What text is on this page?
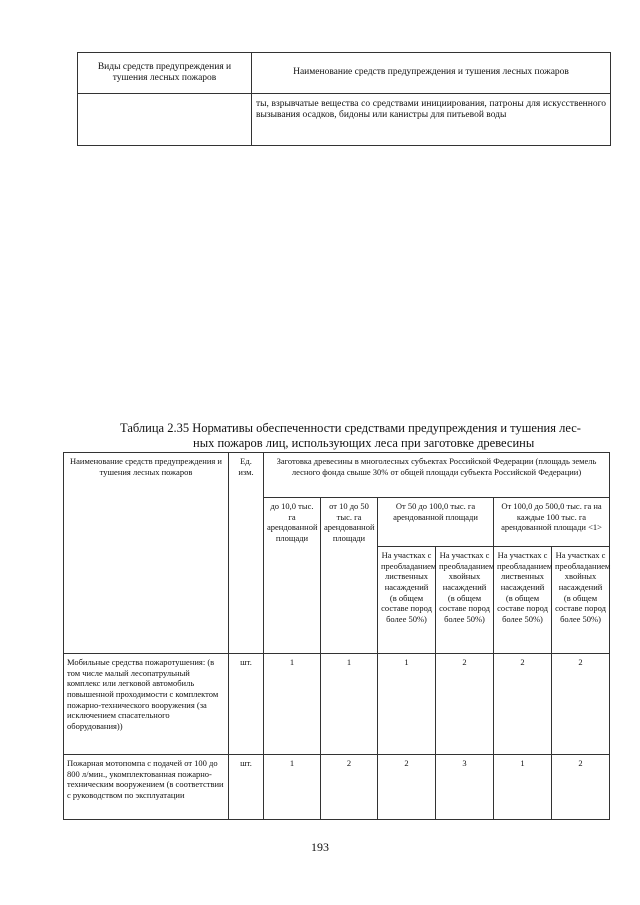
Виды средств предупреждения и тушения лесных пожаров	Наименование средств предупреждения и тушения лесных пожаров
	ты, взрывчатые вещества со средствами инициирования, патроны для искусственного вызывания осадков, бидоны или канистры для питьевой воды
Таблица 2.35 Нормативы обеспеченности средствами предупреждения и тушения лес-
ных пожаров лиц, использующих леса при заготовке древесины
Наименование средств предупреждения и тушения лесных пожаров	Ед. изм.	Заготовка древесины в многолесных субъектах Российской Федерации (площадь земель лесного фонда свыше 30% от общей площади субъекта Российской Федерации)					
		до 10,0 тыс. га арендованной площади	от 10 до 50 тыс. га арендованной площади	От 50 до 100,0 тыс. га арендованной площади		От 100,0 до 500,0 тыс. га на каждые 100 тыс. га арендованной площади <1>	
				На участках с преобладанием лиственных насаждений (в общем составе пород более 50%)	На участках с преобладанием хвойных насаждений (в общем составе пород более 50%)	На участках с преобладанием лиственных насаждений (в общем составе пород более 50%)	На участках с преобладанием хвойных насаждений (в общем составе пород более 50%)
Мобильные средства пожаротушения: (в том числе малый лесопатрульный комплекс или легковой автомобиль повышенной проходимости с комплектом пожарно-технического вооружения (за исключением спасательного оборудования))	шт.	1	1	1	2	2	2
Пожарная мотопомпа с подачей от 100 до 800 л/мин., укомплектованная пожарно-техническим вооружением (в соответствии с руководством по эксплуатации	шт.	1	2	2	3	1	2
193
